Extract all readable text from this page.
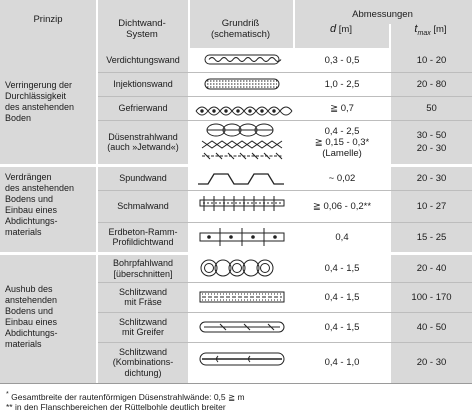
Prinzip	Dichtwand-
System
Grundriß
(schematisch)
Abmessungen
d [m]	$t_{max}$ [m]
Verringerung der
Durchlässigkeit
des anstehenden
Boden
Verdrängen
des anstehenden
Bodens und
Einbau eines
Abdichtungs-
materials
Aushub des
anstehenden
Bodens und
Einbau eines
Abdichtungs-
materials
Verdichtungswand
Injektionswand
Gefrierwand
Düsenstrahlwand
(auch »Jetwand«)
Spundwand
Schmalwand
Erdbeton-Ramm-
Profildichtwand
Bohrpfahlwand
[überschnitten]
Schlitzwand
mit Fräse
Schlitzwand
mit Greifer
Schlitzwand
(Kombinations-
dichtung)
0,3 - 0,5
1,0 - 2,5
≧ 0,7
0,4 - 2,5
≧ 0,15 - 0,3*
(Lamelle)
~ 0,02
≧ 0,06 - 0,2**
0,4
0,4 - 1,5
0,4 - 1,5
0,4 - 1,5
0,4 - 1,0
10 - 20
20 - 80
50
30 - 50
20 - 30
20 - 30
10 - 27
15 - 25
20 - 40
100 - 170
40 - 50
20 - 30
* Gesamtbreite der rautenförmigen Düsenstrahlwände: 0,5 ≧ m
** in den Flanschbereichen der Rüttelbohle deutlich breiter
